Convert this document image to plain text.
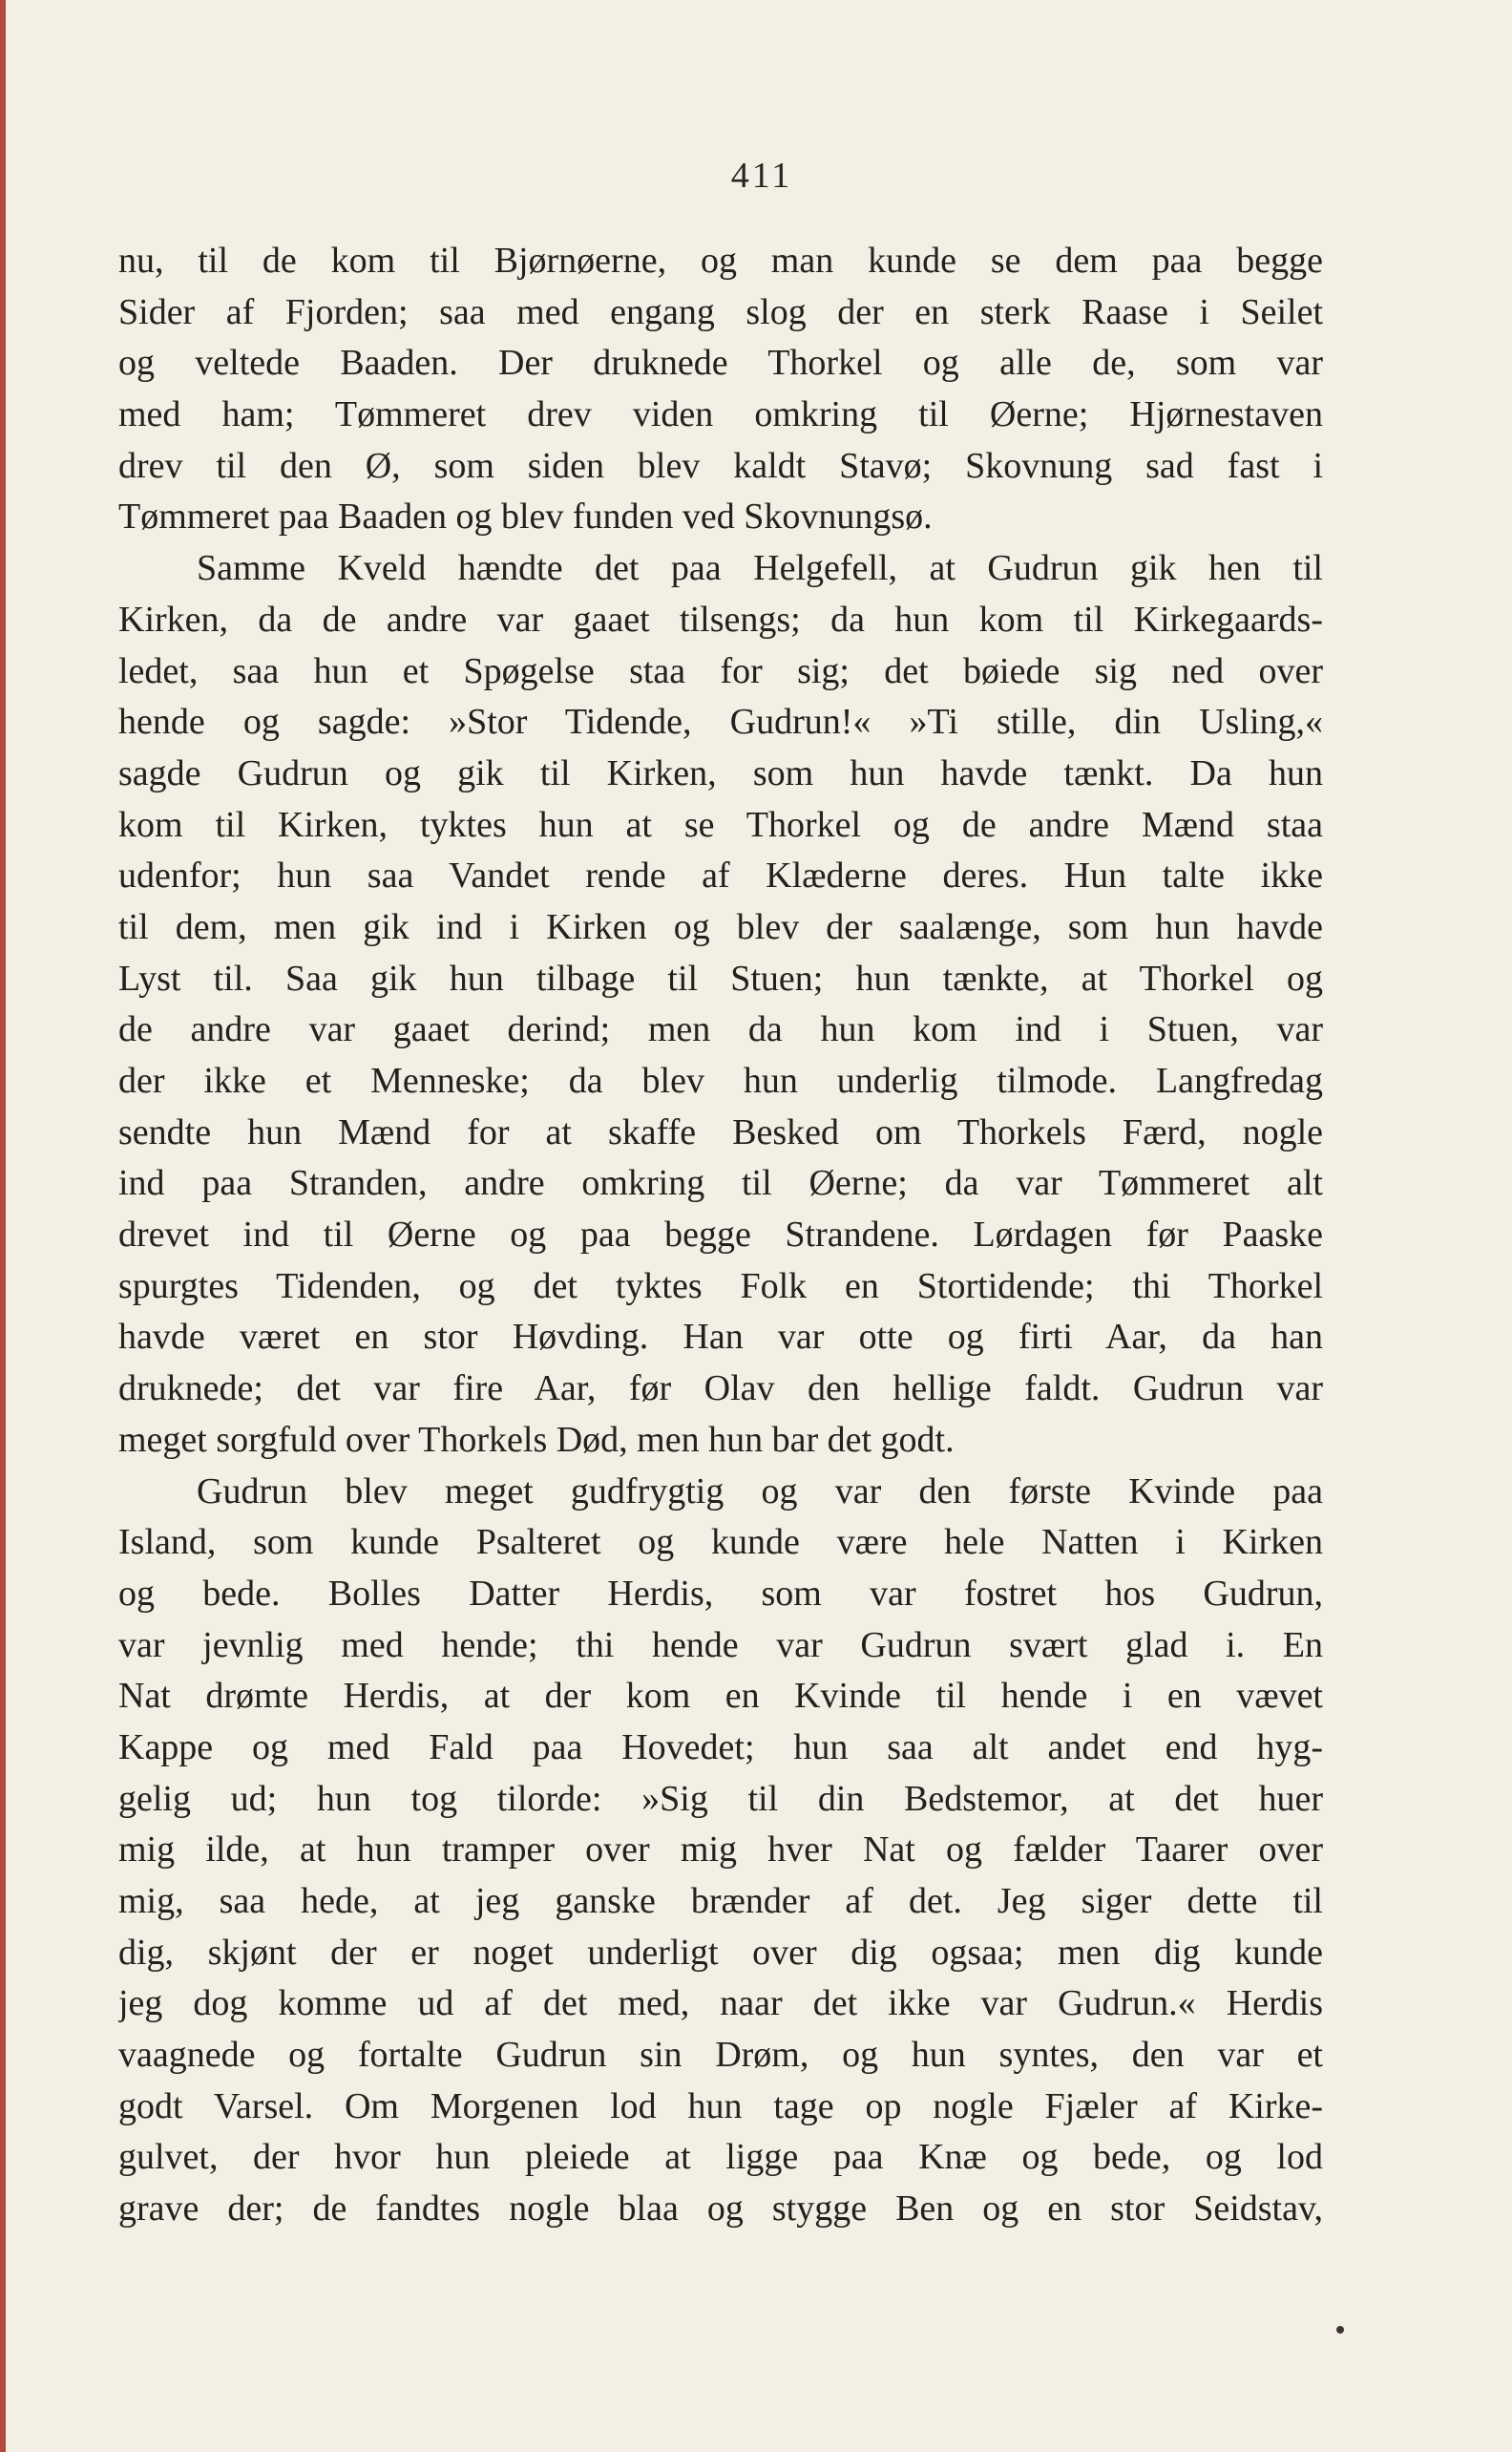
411
nu, til de kom til Bjørnøerne, og man kunde se dem paa begge
Sider af Fjorden; saa med engang slog der en sterk Raase i Seilet
og veltede Baaden. Der druknede Thorkel og alle de, som var
med ham; Tømmeret drev viden omkring til Øerne; Hjørnestaven
drev til den Ø, som siden blev kaldt Stavø; Skovnung sad fast i
Tømmeret paa Baaden og blev funden ved Skovnungsø.
Samme Kveld hændte det paa Helgefell, at Gudrun gik hen til
Kirken, da de andre var gaaet tilsengs; da hun kom til Kirkegaards-
ledet, saa hun et Spøgelse staa for sig; det bøiede sig ned over
hende og sagde: »Stor Tidende, Gudrun!« »Ti stille, din Usling,«
sagde Gudrun og gik til Kirken, som hun havde tænkt. Da hun
kom til Kirken, tyktes hun at se Thorkel og de andre Mænd staa
udenfor; hun saa Vandet rende af Klæderne deres. Hun talte ikke
til dem, men gik ind i Kirken og blev der saalænge, som hun havde
Lyst til. Saa gik hun tilbage til Stuen; hun tænkte, at Thorkel og
de andre var gaaet derind; men da hun kom ind i Stuen, var
der ikke et Menneske; da blev hun underlig tilmode. Langfredag
sendte hun Mænd for at skaffe Besked om Thorkels Færd, nogle
ind paa Stranden, andre omkring til Øerne; da var Tømmeret alt
drevet ind til Øerne og paa begge Strandene. Lørdagen før Paaske
spurgtes Tidenden, og det tyktes Folk en Stortidende; thi Thorkel
havde været en stor Høvding. Han var otte og firti Aar, da han
druknede; det var fire Aar, før Olav den hellige faldt. Gudrun var
meget sorgfuld over Thorkels Død, men hun bar det godt.
Gudrun blev meget gudfrygtig og var den første Kvinde paa
Island, som kunde Psalteret og kunde være hele Natten i Kirken
og bede. Bolles Datter Herdis, som var fostret hos Gudrun,
var jevnlig med hende; thi hende var Gudrun svært glad i. En
Nat drømte Herdis, at der kom en Kvinde til hende i en vævet
Kappe og med Fald paa Hovedet; hun saa alt andet end hyg-
gelig ud; hun tog tilorde: »Sig til din Bedstemor, at det huer
mig ilde, at hun tramper over mig hver Nat og fælder Taarer over
mig, saa hede, at jeg ganske brænder af det. Jeg siger dette til
dig, skjønt der er noget underligt over dig ogsaa; men dig kunde
jeg dog komme ud af det med, naar det ikke var Gudrun.« Herdis
vaagnede og fortalte Gudrun sin Drøm, og hun syntes, den var et
godt Varsel. Om Morgenen lod hun tage op nogle Fjæler af Kirke-
gulvet, der hvor hun pleiede at ligge paa Knæ og bede, og lod
grave der; de fandtes nogle blaa og stygge Ben og en stor Seidstav,
